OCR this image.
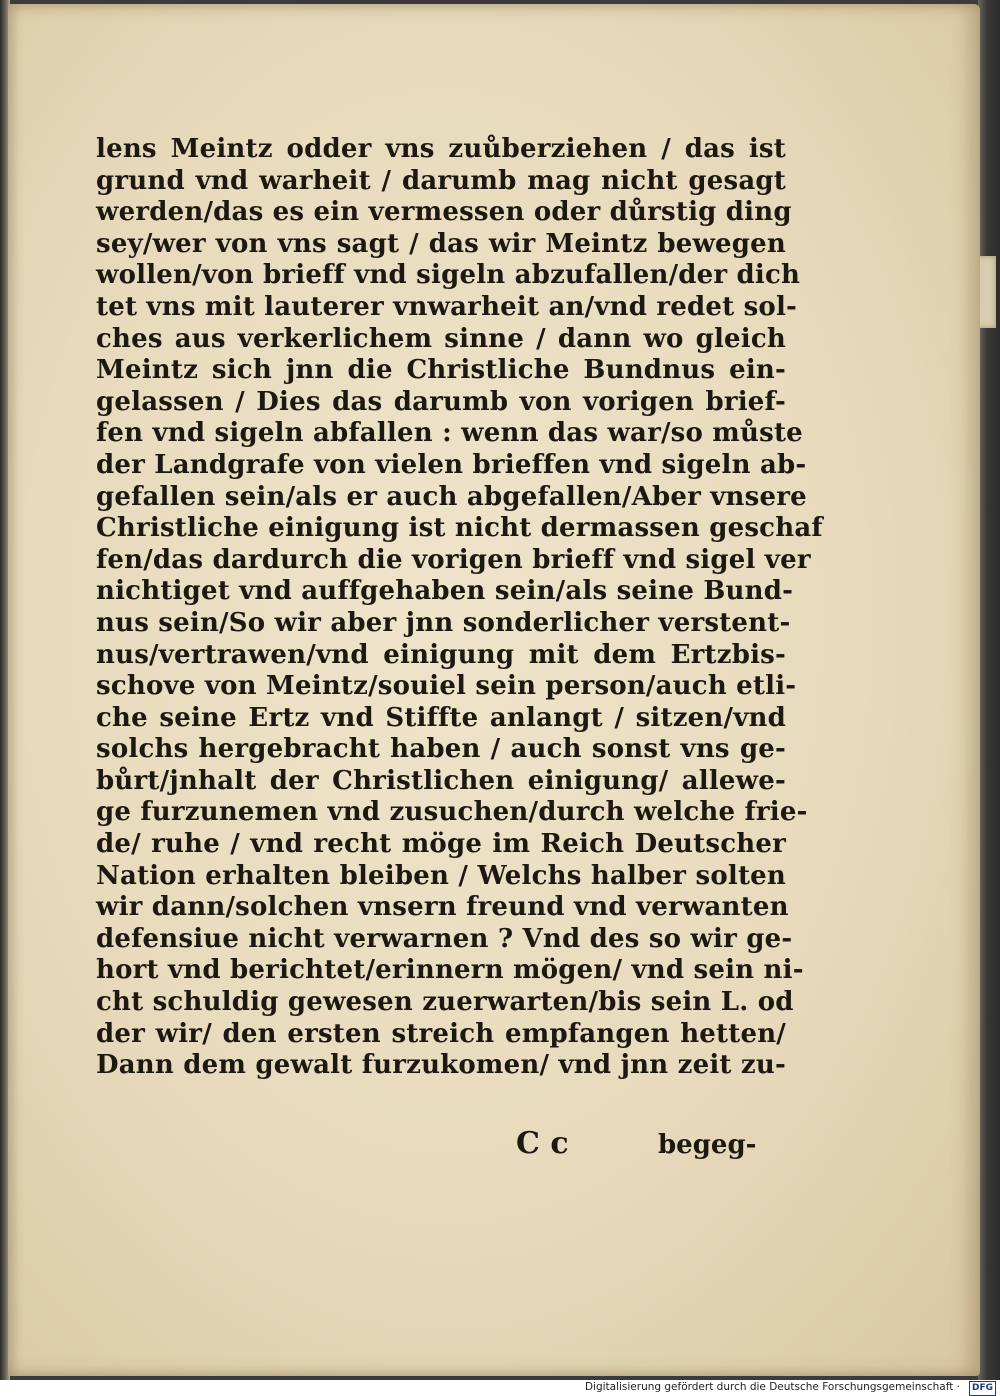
lens Meintz odder vns zuůberziehen / das ist
grund vnd warheit / darumb mag nicht gesagt
werden/das es ein vermessen oder důrstig ding
sey/wer von vns sagt / das wir Meintz bewegen
wollen/von brieff vnd sigeln abzufallen/der dich
tet vns mit lauterer vnwarheit an/vnd redet sol-
ches aus verkerlichem sinne / dann wo gleich
Meintz sich jnn die Christliche Bundnus ein-
gelassen / Dies das darumb von vorigen brief-
fen vnd sigeln abfallen : wenn das war/so můste
der Landgrafe von vielen brieffen vnd sigeln ab-
gefallen sein/als er auch abgefallen/Aber vnsere
Christliche einigung ist nicht dermassen geschaf
fen/das dardurch die vorigen brieff vnd sigel ver
nichtiget vnd auffgehaben sein/als seine Bund-
nus sein/So wir aber jnn sonderlicher verstent-
nus/vertrawen/vnd einigung mit dem Ertzbis-
schove von Meintz/souiel sein person/auch etli-
che seine Ertz vnd Stiffte anlangt / sitzen/vnd
solchs hergebracht haben / auch sonst vns ge-
bůrt/jnhalt der Christlichen einigung/ allewe-
ge furzunemen vnd zusuchen/durch welche frie-
de/ ruhe / vnd recht möge im Reich Deutscher
Nation erhalten bleiben / Welchs halber solten
wir dann/solchen vnsern freund vnd verwanten
defensiue nicht verwarnen ? Vnd des so wir ge-
hort vnd berichtet/erinnern mögen/ vnd sein ni-
cht schuldig gewesen zuerwarten/bis sein L. od
der wir/ den ersten streich empfangen hetten/
Dann dem gewalt furzukomen/ vnd jnn zeit zu-
C c	begeg-
Digitalisierung gefördert durch die Deutsche Forschungsgemeinschaft ·	DFG
